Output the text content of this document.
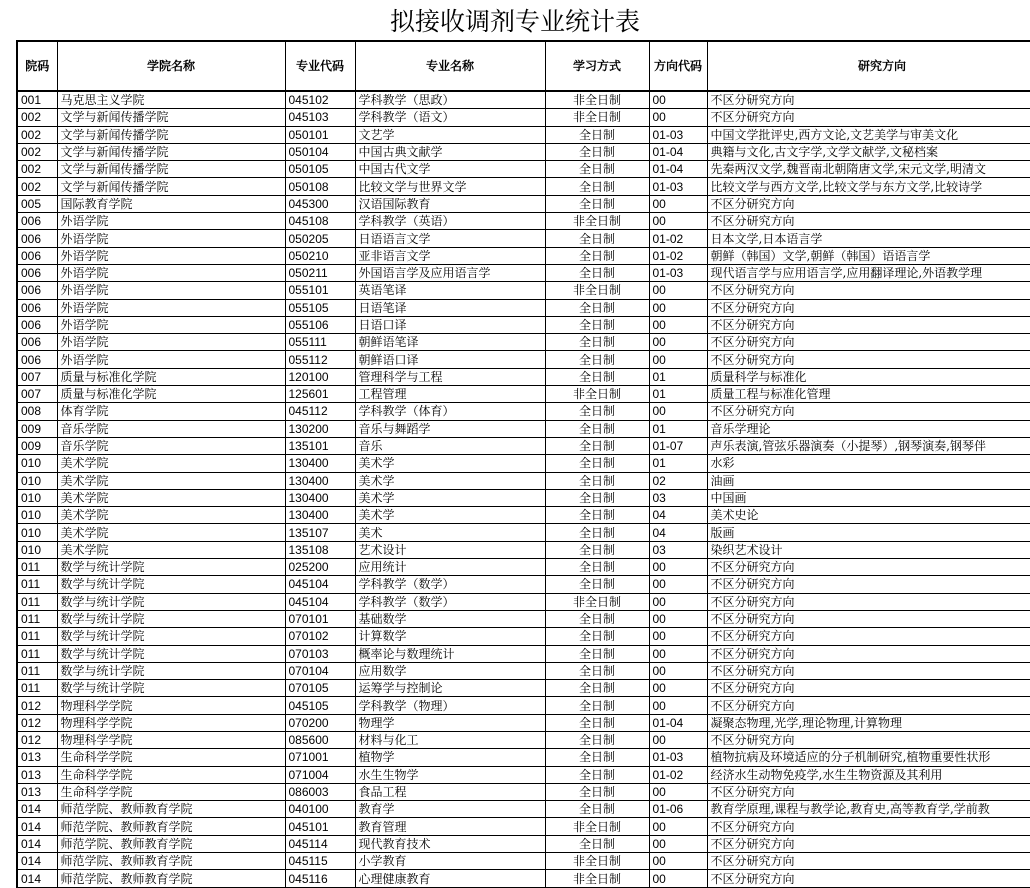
拟接收调剂专业统计表
院码	学院名称	专业代码	专业名称	学习方式	方向代码	研究方向
001	马克思主义学院	045102	学科教学（思政）	非全日制	00	不区分研究方向
002	文学与新闻传播学院	045103	学科教学（语文）	非全日制	00	不区分研究方向
002	文学与新闻传播学院	050101	文艺学	全日制	01-03	中国文学批评史,西方文论,文艺美学与审美文化
002	文学与新闻传播学院	050104	中国古典文献学	全日制	01-04	典籍与文化,古文字学,文学文献学,文秘档案
002	文学与新闻传播学院	050105	中国古代文学	全日制	01-04	先秦两汉文学,魏晋南北朝隋唐文学,宋元文学,明清文
002	文学与新闻传播学院	050108	比较文学与世界文学	全日制	01-03	比较文学与西方文学,比较文学与东方文学,比较诗学
005	国际教育学院	045300	汉语国际教育	全日制	00	不区分研究方向
006	外语学院	045108	学科教学（英语）	非全日制	00	不区分研究方向
006	外语学院	050205	日语语言文学	全日制	01-02	日本文学,日本语言学
006	外语学院	050210	亚非语言文学	全日制	01-02	朝鲜（韩国）文学,朝鲜（韩国）语语言学
006	外语学院	050211	外国语言学及应用语言学	全日制	01-03	现代语言学与应用语言学,应用翻译理论,外语教学理
006	外语学院	055101	英语笔译	非全日制	00	不区分研究方向
006	外语学院	055105	日语笔译	全日制	00	不区分研究方向
006	外语学院	055106	日语口译	全日制	00	不区分研究方向
006	外语学院	055111	朝鲜语笔译	全日制	00	不区分研究方向
006	外语学院	055112	朝鲜语口译	全日制	00	不区分研究方向
007	质量与标准化学院	120100	管理科学与工程	全日制	01	质量科学与标准化
007	质量与标准化学院	125601	工程管理	非全日制	01	质量工程与标准化管理
008	体育学院	045112	学科教学（体育）	全日制	00	不区分研究方向
009	音乐学院	130200	音乐与舞蹈学	全日制	01	音乐学理论
009	音乐学院	135101	音乐	全日制	01-07	声乐表演,管弦乐器演奏（小提琴）,钢琴演奏,钢琴伴
010	美术学院	130400	美术学	全日制	01	水彩
010	美术学院	130400	美术学	全日制	02	油画
010	美术学院	130400	美术学	全日制	03	中国画
010	美术学院	130400	美术学	全日制	04	美术史论
010	美术学院	135107	美术	全日制	04	版画
010	美术学院	135108	艺术设计	全日制	03	染织艺术设计
011	数学与统计学院	025200	应用统计	全日制	00	不区分研究方向
011	数学与统计学院	045104	学科教学（数学）	全日制	00	不区分研究方向
011	数学与统计学院	045104	学科教学（数学）	非全日制	00	不区分研究方向
011	数学与统计学院	070101	基础数学	全日制	00	不区分研究方向
011	数学与统计学院	070102	计算数学	全日制	00	不区分研究方向
011	数学与统计学院	070103	概率论与数理统计	全日制	00	不区分研究方向
011	数学与统计学院	070104	应用数学	全日制	00	不区分研究方向
011	数学与统计学院	070105	运筹学与控制论	全日制	00	不区分研究方向
012	物理科学学院	045105	学科教学（物理）	全日制	00	不区分研究方向
012	物理科学学院	070200	物理学	全日制	01-04	凝聚态物理,光学,理论物理,计算物理
012	物理科学学院	085600	材料与化工	全日制	00	不区分研究方向
013	生命科学学院	071001	植物学	全日制	01-03	植物抗病及环境适应的分子机制研究,植物重要性状形
013	生命科学学院	071004	水生生物学	全日制	01-02	经济水生动物免疫学,水生生物资源及其利用
013	生命科学学院	086003	食品工程	全日制	00	不区分研究方向
014	师范学院、教师教育学院	040100	教育学	全日制	01-06	教育学原理,课程与教学论,教育史,高等教育学,学前教
014	师范学院、教师教育学院	045101	教育管理	非全日制	00	不区分研究方向
014	师范学院、教师教育学院	045114	现代教育技术	全日制	00	不区分研究方向
014	师范学院、教师教育学院	045115	小学教育	非全日制	00	不区分研究方向
014	师范学院、教师教育学院	045116	心理健康教育	非全日制	00	不区分研究方向
